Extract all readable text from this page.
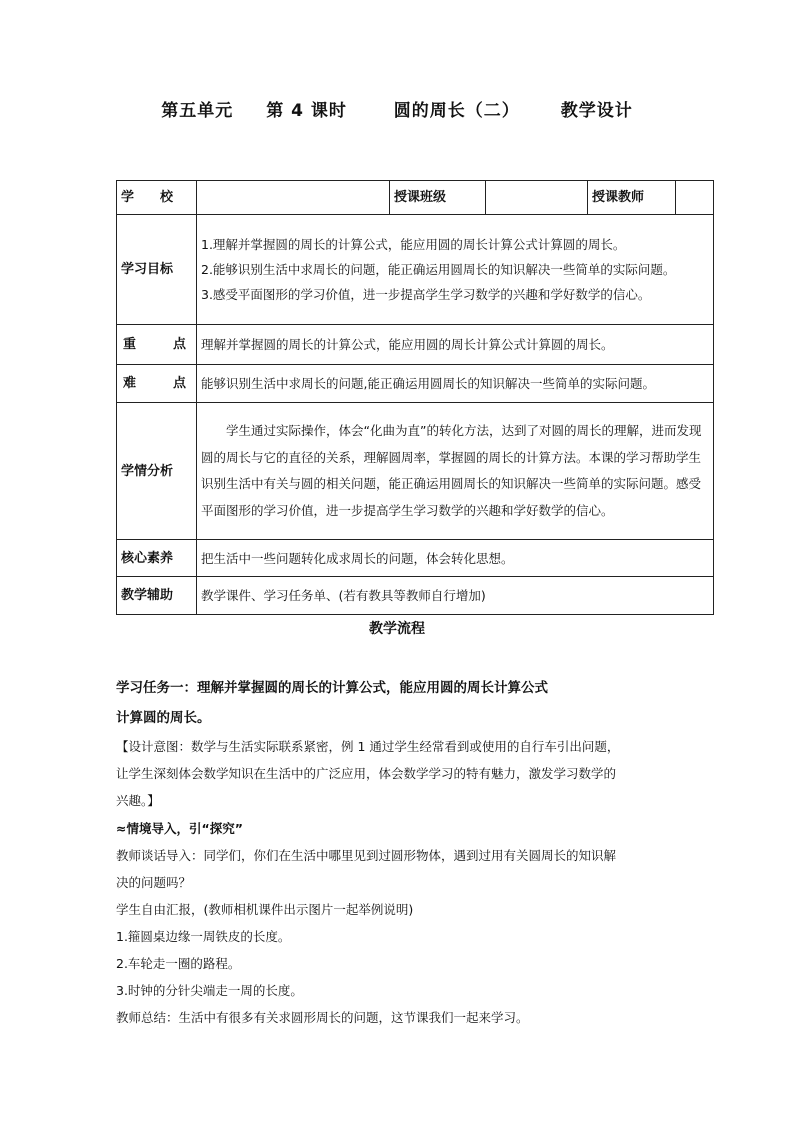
第五单元 第 4 课时	圆的周长（二） 教学设计
学　　校		授课班级		授课教师	
学习目标	1.理解并掌握圆的周长的计算公式，能应用圆的周长计算公式计算圆的周长。

2.能够识别生活中求周长的问题，能正确运用圆周长的知识解决一些简单的实际问题。

3.感受平面图形的学习价值，进一步提高学生学习数学的兴趣和学好数学的信心。				

重 点	理解并掌握圆的周长的计算公式，能应用圆的周长计算公式计算圆的周长。				

难 点	能够识别生活中求周长的问题,能正确运用圆周长的知识解决一些简单的实际问题。				
学情分析	学生通过实际操作，体会“化曲为直”的转化方法，达到了对圆的周长的理解，进而发现圆的周长与它的直径的关系，理解圆周率，掌握圆的周长的计算方法。本课的学习帮助学生识别生活中有关与圆的相关问题，能正确运用圆周长的知识解决一些简单的实际问题。感受平面图形的学习价值，进一步提高学生学习数学的兴趣和学好数学的信心。				

核心素养	把生活中一些问题转化成求周长的问题，体会转化思想。				
教学辅助	教学课件、学习任务单、(若有教具等教师自行增加)				
教学流程
学习任务一：理解并掌握圆的周长的计算公式，能应用圆的周长计算公式
计算圆的周长。
【设计意图：数学与生活实际联系紧密，例 1 通过学生经常看到或使用的自行车引出问题，
让学生深刻体会数学知识在生活中的广泛应用，体会数学学习的特有魅力，激发学习数学的
兴趣。】
≈情境导入，引“探究”
教师谈话导入：同学们，你们在生活中哪里见到过圆形物体，遇到过用有关圆周长的知识解
决的问题吗？
学生自由汇报，(教师相机课件出示图片一起举例说明)
1.箍圆桌边缘一周铁皮的长度。
2.车轮走一圈的路程。
3.时钟的分针尖端走一周的长度。
教师总结：生活中有很多有关求圆形周长的问题，这节课我们一起来学习。
